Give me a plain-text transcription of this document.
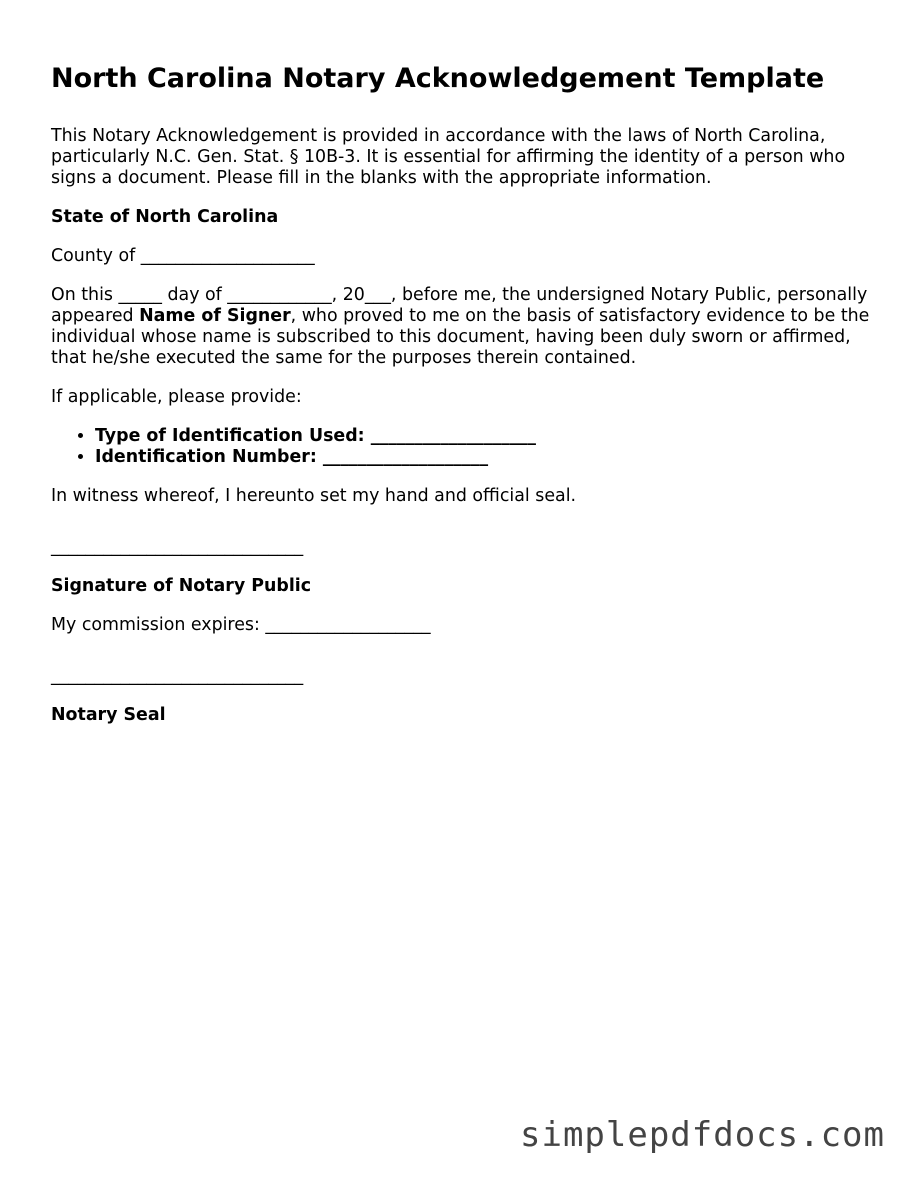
North Carolina Notary Acknowledgement Template

This Notary Acknowledgement is provided in accordance with the laws of North Carolina, particularly N.C. Gen. Stat. § 10B-3. It is essential for affirming the identity of a person who signs a document. Please fill in the blanks with the appropriate information.

State of North Carolina

County of ____________________

On this _____ day of ____________, 20___, before me, the undersigned Notary Public, personally appeared Name of Signer, who proved to me on the basis of satisfactory evidence to be the individual whose name is subscribed to this document, having been duly sworn or affirmed, that he/she executed the same for the purposes therein contained.

If applicable, please provide:

• Type of Identification Used: ___________________
• Identification Number: ___________________

In witness whereof, I hereunto set my hand and official seal.

_____________________________

Signature of Notary Public

My commission expires: ___________________

_____________________________

Notary Seal

simplepdfdocs.com
